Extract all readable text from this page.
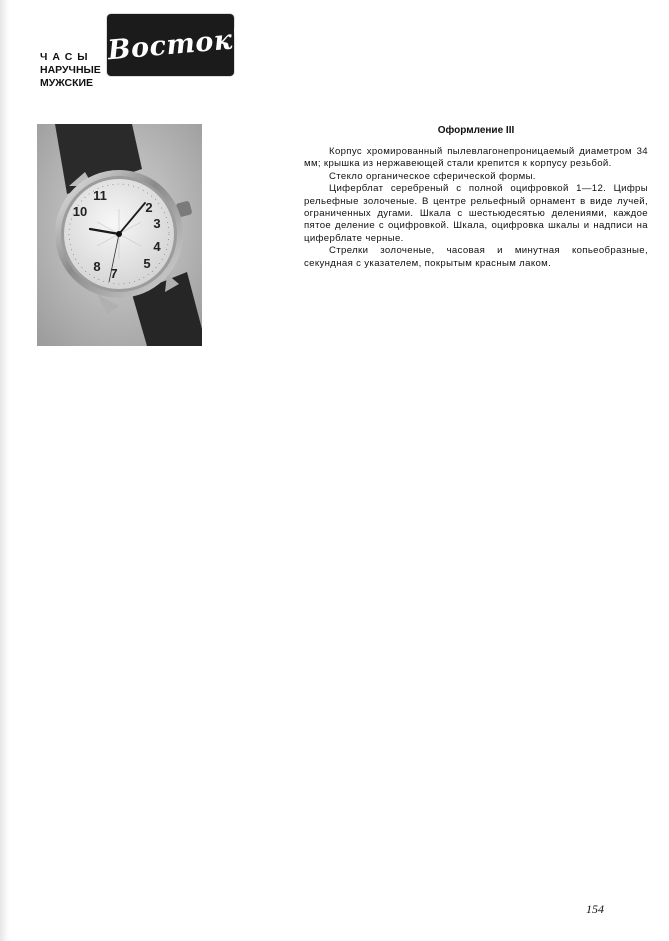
ЧАСЫ
НАРУЧНЫЕ
МУЖСКИЕ
"Восток"
2
3
4
5
7
8
10
11
Оформление III

Корпус хромированный пылевлагонепроницаемый диаметром 34 мм; крышка из нержавеющей стали крепится к корпусу резьбой.

Стекло органическое сферической формы.

Циферблат серебреный с полной оцифровкой 1—12. Цифры рельефные золоченые. В центре рельефный орнамент в виде лучей, ограниченных дугами. Шкала с шестьюдесятью делениями, каждое пятое деление с оцифровкой. Шкала, оцифровка шкалы и надписи на циферблате черные.

Стрелки золоченые, часовая и минутная копьеобразные, секундная с указателем, покрытым красным лаком.

154
